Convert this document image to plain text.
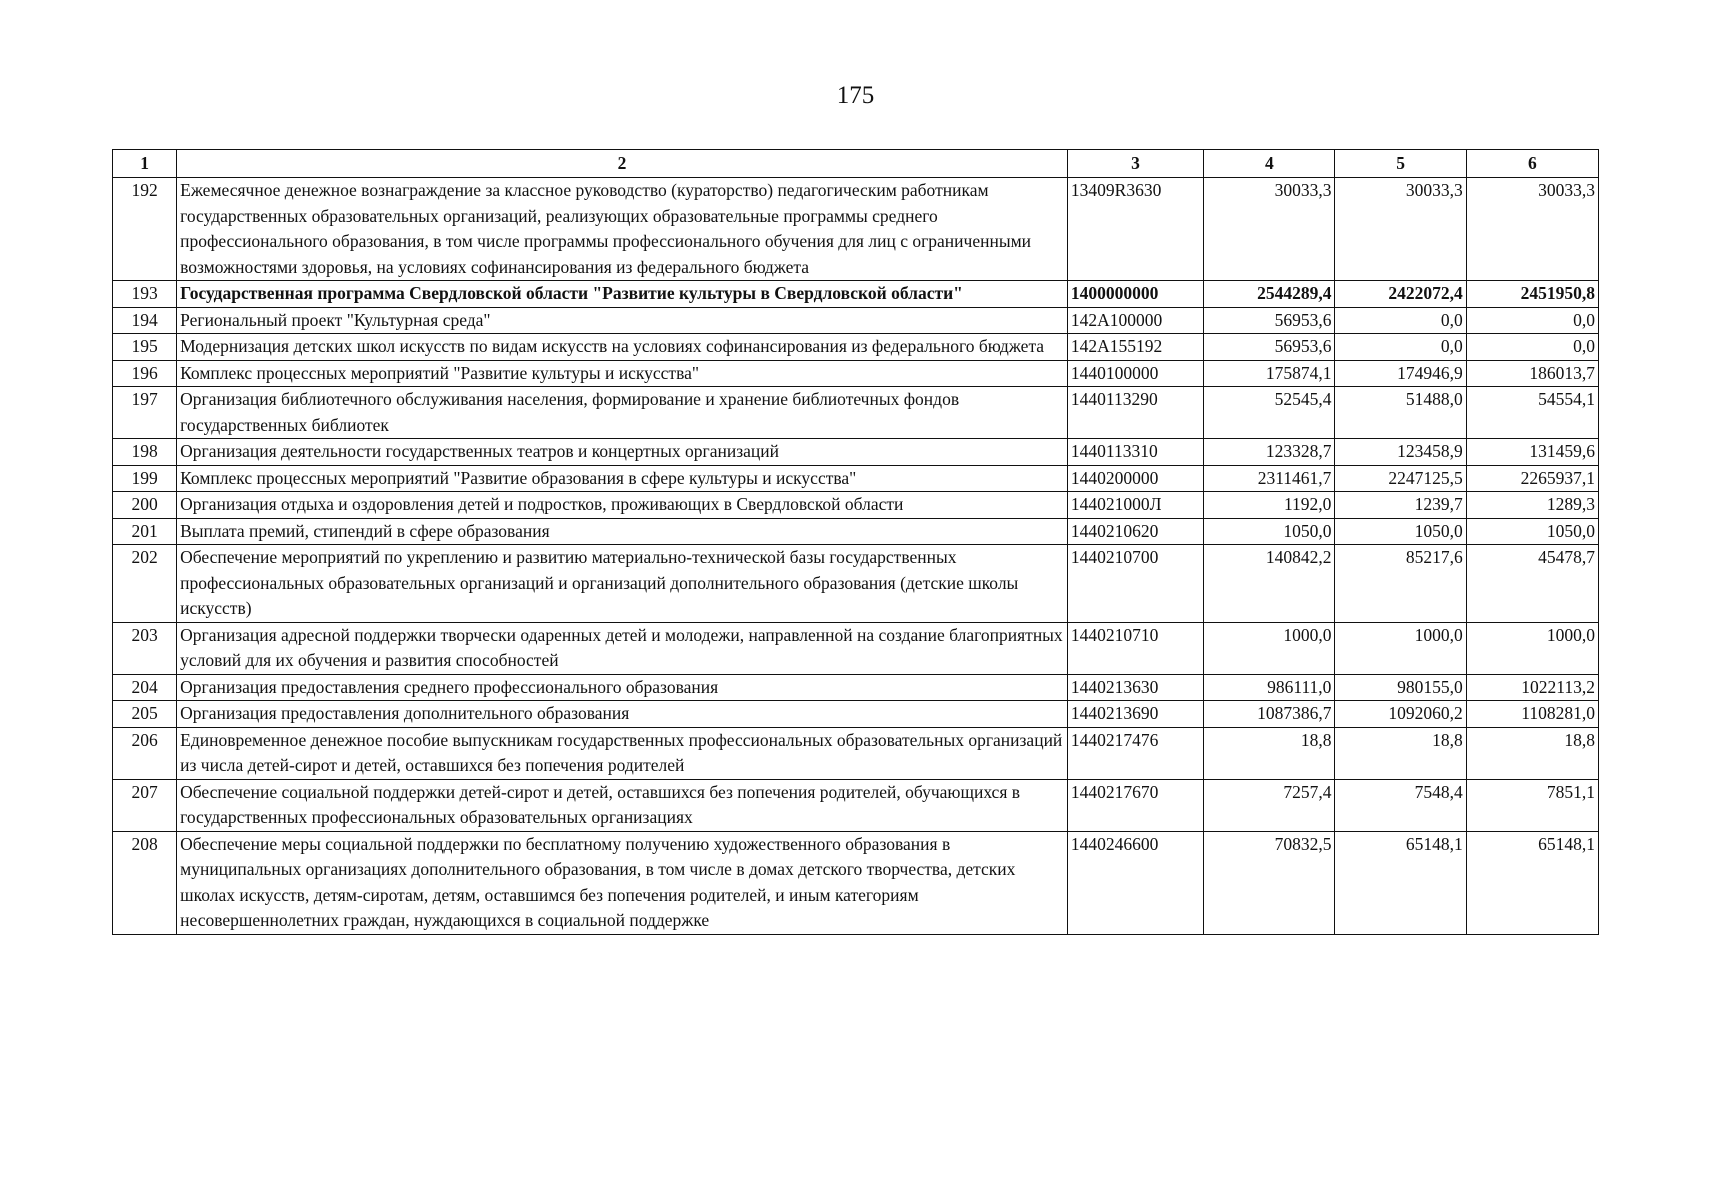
175
1	2	3	4	5	6
192	Ежемесячное денежное вознаграждение за классное руководство (кураторство) педагогическим работникам государственных образовательных организаций, реализующих образовательные программы среднего профессионального образования, в том числе программы профессионального обучения для лиц с ограниченными возможностями здоровья, на условиях софинансирования из федерального бюджета	13409R3630	30033,3	30033,3	30033,3
193	Государственная программа Свердловской области "Развитие культуры в Свердловской области"	1400000000	2544289,4	2422072,4	2451950,8
194	Региональный проект "Культурная среда"	142A100000	56953,6	0,0	0,0
195	Модернизация детских школ искусств по видам искусств на условиях софинансирования из федерального бюджета	142A155192	56953,6	0,0	0,0
196	Комплекс процессных мероприятий "Развитие культуры и искусства"	1440100000	175874,1	174946,9	186013,7
197	Организация библиотечного обслуживания населения, формирование и хранение библиотечных фондов государственных библиотек	1440113290	52545,4	51488,0	54554,1
198	Организация деятельности государственных театров и концертных организаций	1440113310	123328,7	123458,9	131459,6
199	Комплекс процессных мероприятий "Развитие образования в сфере культуры и искусства"	1440200000	2311461,7	2247125,5	2265937,1
200	Организация отдыха и оздоровления детей и подростков, проживающих в Свердловской области	144021000Л	1192,0	1239,7	1289,3
201	Выплата премий, стипендий в сфере образования	1440210620	1050,0	1050,0	1050,0
202	Обеспечение мероприятий по укреплению и развитию материально-технической базы государственных профессиональных образовательных организаций и организаций дополнительного образования (детские школы искусств)	1440210700	140842,2	85217,6	45478,7
203	Организация адресной поддержки творчески одаренных детей и молодежи, направленной на создание благоприятных условий для их обучения и развития способностей	1440210710	1000,0	1000,0	1000,0
204	Организация предоставления среднего профессионального образования	1440213630	986111,0	980155,0	1022113,2
205	Организация предоставления дополнительного образования	1440213690	1087386,7	1092060,2	1108281,0
206	Единовременное денежное пособие выпускникам государственных профессиональных образовательных организаций из числа детей-сирот и детей, оставшихся без попечения родителей	1440217476	18,8	18,8	18,8
207	Обеспечение социальной поддержки детей-сирот и детей, оставшихся без попечения родителей, обучающихся в государственных профессиональных образовательных организациях	1440217670	7257,4	7548,4	7851,1
208	Обеспечение меры социальной поддержки по бесплатному получению художественного образования в муниципальных организациях дополнительного образования, в том числе в домах детского творчества, детских школах искусств, детям-сиротам, детям, оставшимся без попечения родителей, и иным категориям несовершеннолетних граждан, нуждающихся в социальной поддержке	1440246600	70832,5	65148,1	65148,1
